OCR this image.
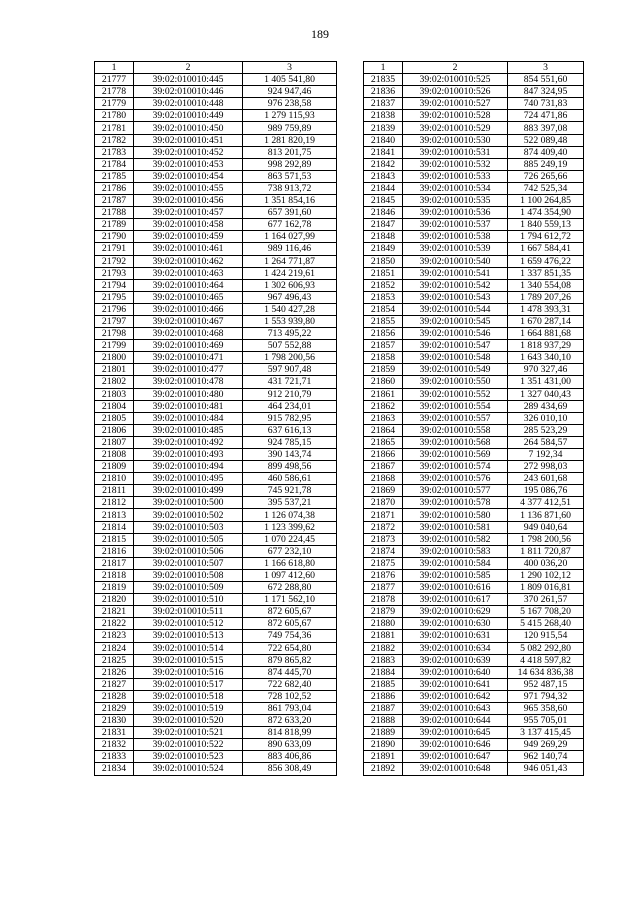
189
1	2	3
21777	39:02:010010:445	1 405 541,80
21778	39:02:010010:446	924 947,46
21779	39:02:010010:448	976 238,58
21780	39:02:010010:449	1 279 115,93
21781	39:02:010010:450	989 759,89
21782	39:02:010010:451	1 281 820,19
21783	39:02:010010:452	813 201,75
21784	39:02:010010:453	998 292,89
21785	39:02:010010:454	863 571,53
21786	39:02:010010:455	738 913,72
21787	39:02:010010:456	1 351 854,16
21788	39:02:010010:457	657 391,60
21789	39:02:010010:458	677 162,78
21790	39:02:010010:459	1 164 027,99
21791	39:02:010010:461	989 116,46
21792	39:02:010010:462	1 264 771,87
21793	39:02:010010:463	1 424 219,61
21794	39:02:010010:464	1 302 606,93
21795	39:02:010010:465	967 496,43
21796	39:02:010010:466	1 540 427,28
21797	39:02:010010:467	1 553 939,80
21798	39:02:010010:468	713 495,22
21799	39:02:010010:469	507 552,88
21800	39:02:010010:471	1 798 200,56
21801	39:02:010010:477	597 907,48
21802	39:02:010010:478	431 721,71
21803	39:02:010010:480	912 210,79
21804	39:02:010010:481	464 234,01
21805	39:02:010010:484	915 782,95
21806	39:02:010010:485	637 616,13
21807	39:02:010010:492	924 785,15
21808	39:02:010010:493	390 143,74
21809	39:02:010010:494	899 498,56
21810	39:02:010010:495	460 586,61
21811	39:02:010010:499	745 921,78
21812	39:02:010010:500	395 537,21
21813	39:02:010010:502	1 126 074,38
21814	39:02:010010:503	1 123 399,62
21815	39:02:010010:505	1 070 224,45
21816	39:02:010010:506	677 232,10
21817	39:02:010010:507	1 166 618,80
21818	39:02:010010:508	1 097 412,60
21819	39:02:010010:509	672 288,80
21820	39:02:010010:510	1 171 562,10
21821	39:02:010010:511	872 605,67
21822	39:02:010010:512	872 605,67
21823	39:02:010010:513	749 754,36
21824	39:02:010010:514	722 654,80
21825	39:02:010010:515	879 865,82
21826	39:02:010010:516	874 445,70
21827	39:02:010010:517	722 682,40
21828	39:02:010010:518	728 102,52
21829	39:02:010010:519	861 793,04
21830	39:02:010010:520	872 633,20
21831	39:02:010010:521	814 818,99
21832	39:02:010010:522	890 633,09
21833	39:02:010010:523	883 406,86
21834	39:02:010010:524	856 308,49
1	2	3
21835	39:02:010010:525	854 551,60
21836	39:02:010010:526	847 324,95
21837	39:02:010010:527	740 731,83
21838	39:02:010010:528	724 471,86
21839	39:02:010010:529	883 397,08
21840	39:02:010010:530	522 089,48
21841	39:02:010010:531	874 409,40
21842	39:02:010010:532	885 249,19
21843	39:02:010010:533	726 265,66
21844	39:02:010010:534	742 525,34
21845	39:02:010010:535	1 100 264,85
21846	39:02:010010:536	1 474 354,90
21847	39:02:010010:537	1 840 559,13
21848	39:02:010010:538	1 794 612,72
21849	39:02:010010:539	1 667 584,41
21850	39:02:010010:540	1 659 476,22
21851	39:02:010010:541	1 337 851,35
21852	39:02:010010:542	1 340 554,08
21853	39:02:010010:543	1 789 207,26
21854	39:02:010010:544	1 478 393,31
21855	39:02:010010:545	1 670 287,14
21856	39:02:010010:546	1 664 881,68
21857	39:02:010010:547	1 818 937,29
21858	39:02:010010:548	1 643 340,10
21859	39:02:010010:549	970 327,46
21860	39:02:010010:550	1 351 431,00
21861	39:02:010010:552	1 327 040,43
21862	39:02:010010:554	289 434,69
21863	39:02:010010:557	326 010,10
21864	39:02:010010:558	285 523,29
21865	39:02:010010:568	264 584,57
21866	39:02:010010:569	7 192,34
21867	39:02:010010:574	272 998,03
21868	39:02:010010:576	243 601,68
21869	39:02:010010:577	195 086,76
21870	39:02:010010:578	4 377 412,51
21871	39:02:010010:580	1 136 871,60
21872	39:02:010010:581	949 040,64
21873	39:02:010010:582	1 798 200,56
21874	39:02:010010:583	1 811 720,87
21875	39:02:010010:584	400 036,20
21876	39:02:010010:585	1 290 102,12
21877	39:02:010010:616	1 809 016,81
21878	39:02:010010:617	370 261,57
21879	39:02:010010:629	5 167 708,20
21880	39:02:010010:630	5 415 268,40
21881	39:02:010010:631	120 915,54
21882	39:02:010010:634	5 082 292,80
21883	39:02:010010:639	4 418 597,82
21884	39:02:010010:640	14 634 836,38
21885	39:02:010010:641	952 487,15
21886	39:02:010010:642	971 794,32
21887	39:02:010010:643	965 358,60
21888	39:02:010010:644	955 705,01
21889	39:02:010010:645	3 137 415,45
21890	39:02:010010:646	949 269,29
21891	39:02:010010:647	962 140,74
21892	39:02:010010:648	946 051,43
